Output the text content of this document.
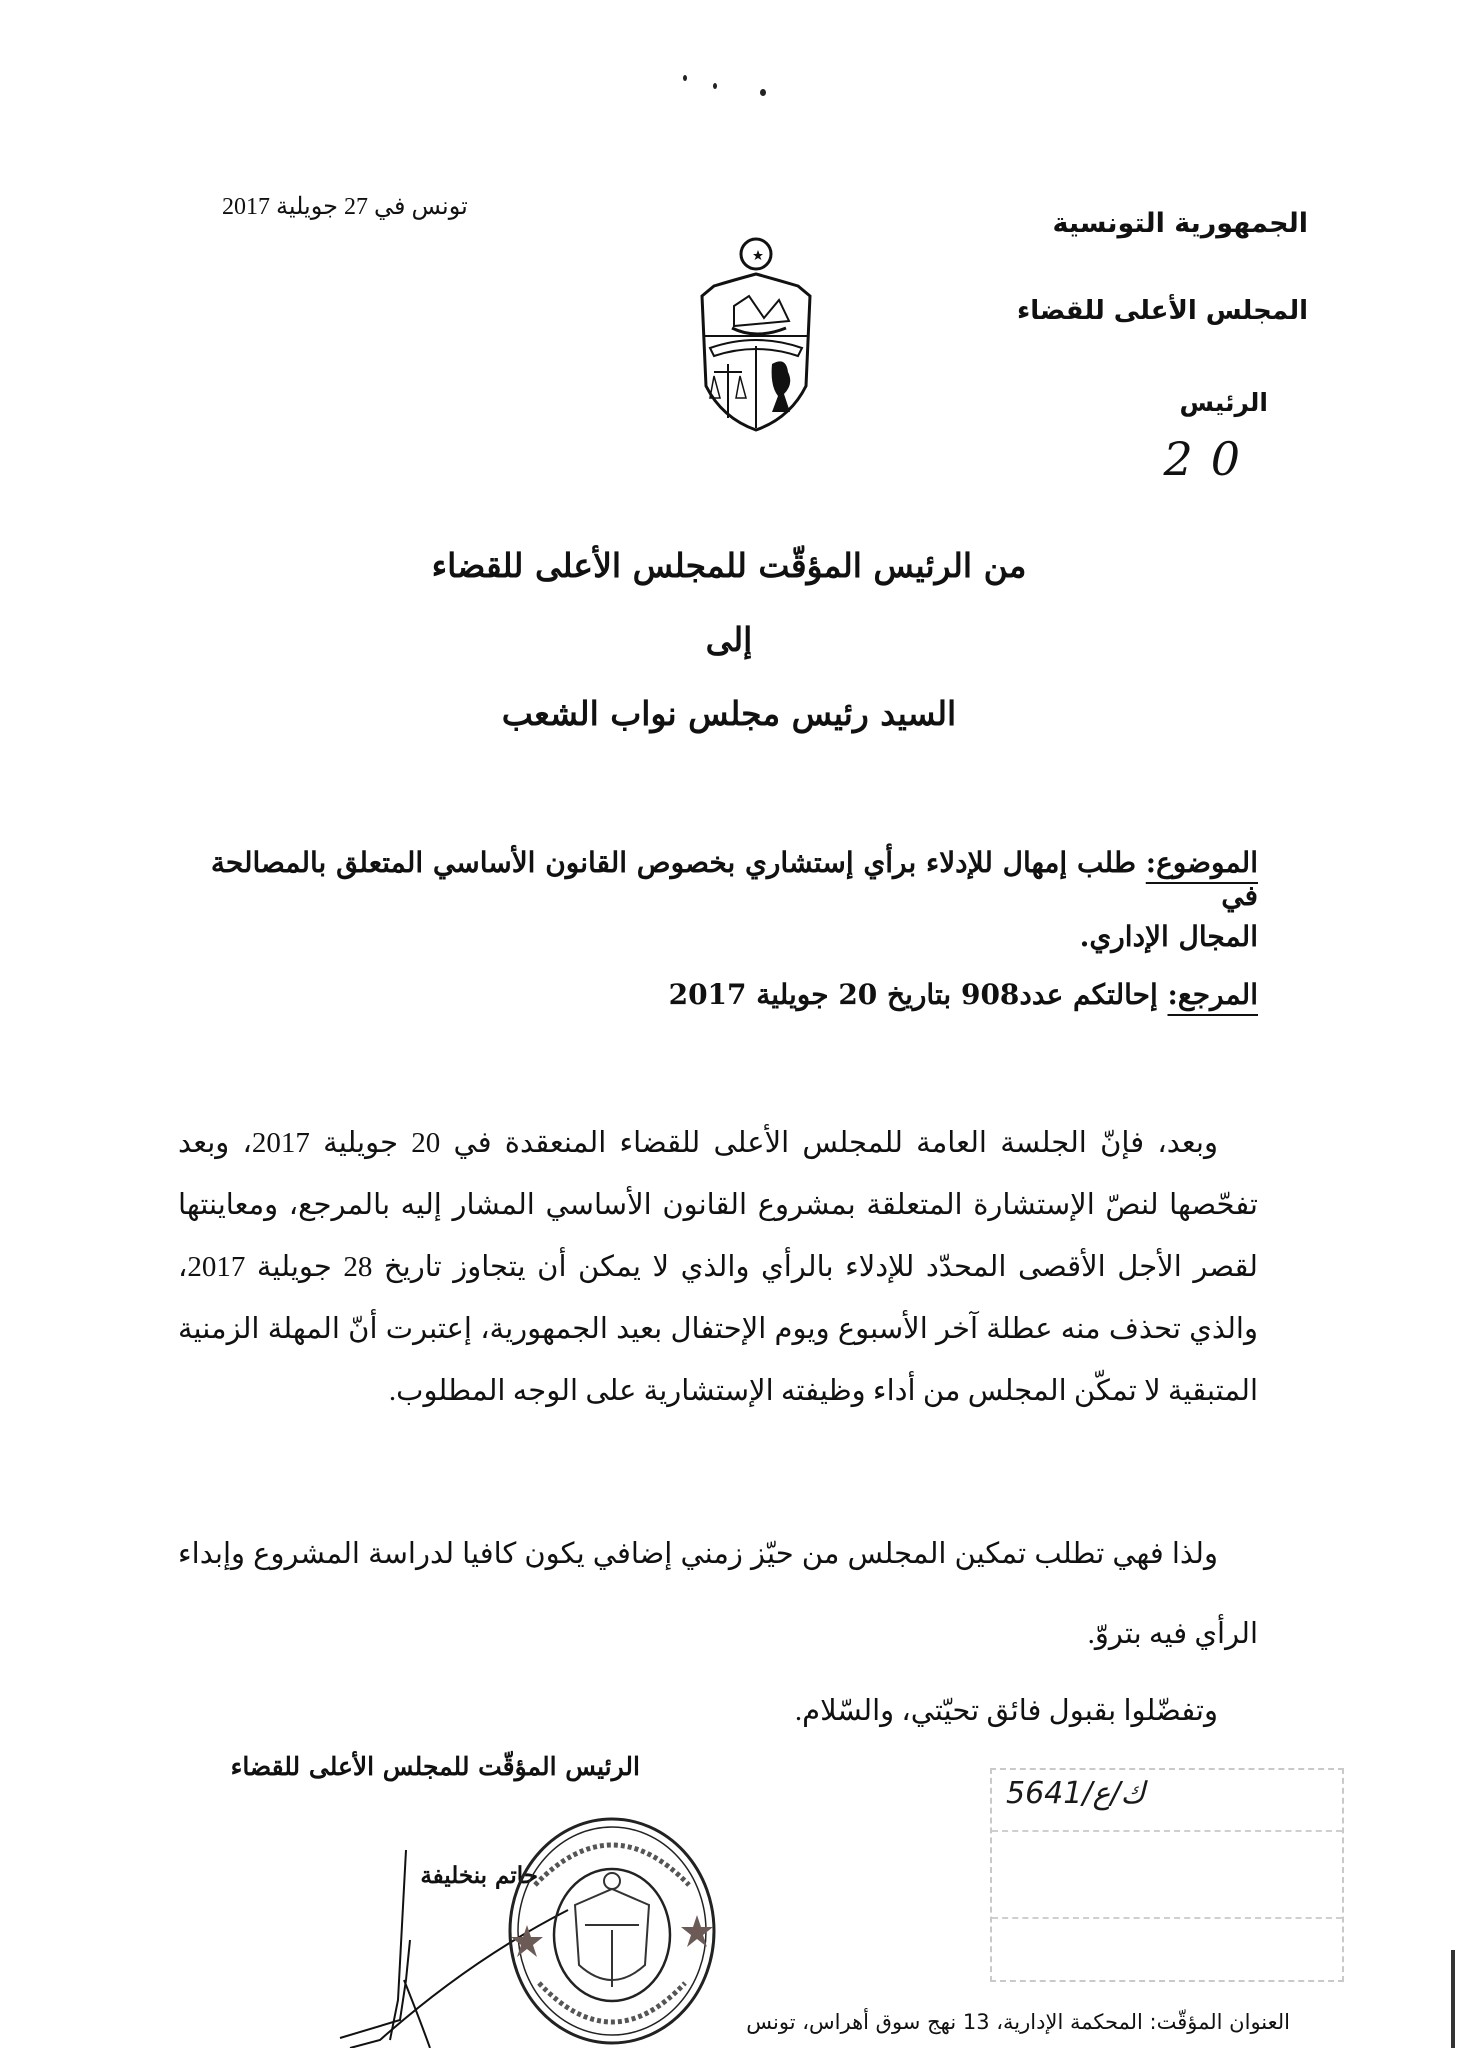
الجمهورية التونسية
المجلس الأعلى للقضاء
الرئيس
20
تونس في 27 جويلية 2017
من الرئيس المؤقّت للمجلس الأعلى للقضاء
إلى
السيد رئيس مجلس نواب الشعب
الموضوع: طلب إمهال للإدلاء برأي إستشاري بخصوص القانون الأساسي المتعلق بالمصالحة في
المجال الإداري.
المرجع: إحالتكم عدد908 بتاريخ 20 جويلية 2017
وبعد، فإنّ الجلسة العامة للمجلس الأعلى للقضاء المنعقدة في 20 جويلية 2017، وبعد تفحّصها لنصّ الإستشارة المتعلقة بمشروع القانون الأساسي المشار إليه بالمرجع، ومعاينتها لقصر الأجل الأقصى المحدّد للإدلاء بالرأي والذي لا يمكن أن يتجاوز تاريخ 28 جويلية 2017، والذي تحذف منه عطلة آخر الأسبوع ويوم الإحتفال بعيد الجمهورية، إعتبرت أنّ المهلة الزمنية المتبقية لا تمكّن المجلس من أداء وظيفته الإستشارية على الوجه المطلوب.
ولذا فهي تطلب تمكين المجلس من حيّز زمني إضافي يكون كافيا لدراسة المشروع وإبداء الرأي فيه بتروّ.
وتفضّلوا بقبول فائق تحيّتي، والسّلام.
الرئيس المؤقّت للمجلس الأعلى للقضاء
حاتم بنخليفة
ك/ع/5641
العنوان المؤقّت: المحكمة الإدارية، 13 نهج سوق أهراس، تونس
